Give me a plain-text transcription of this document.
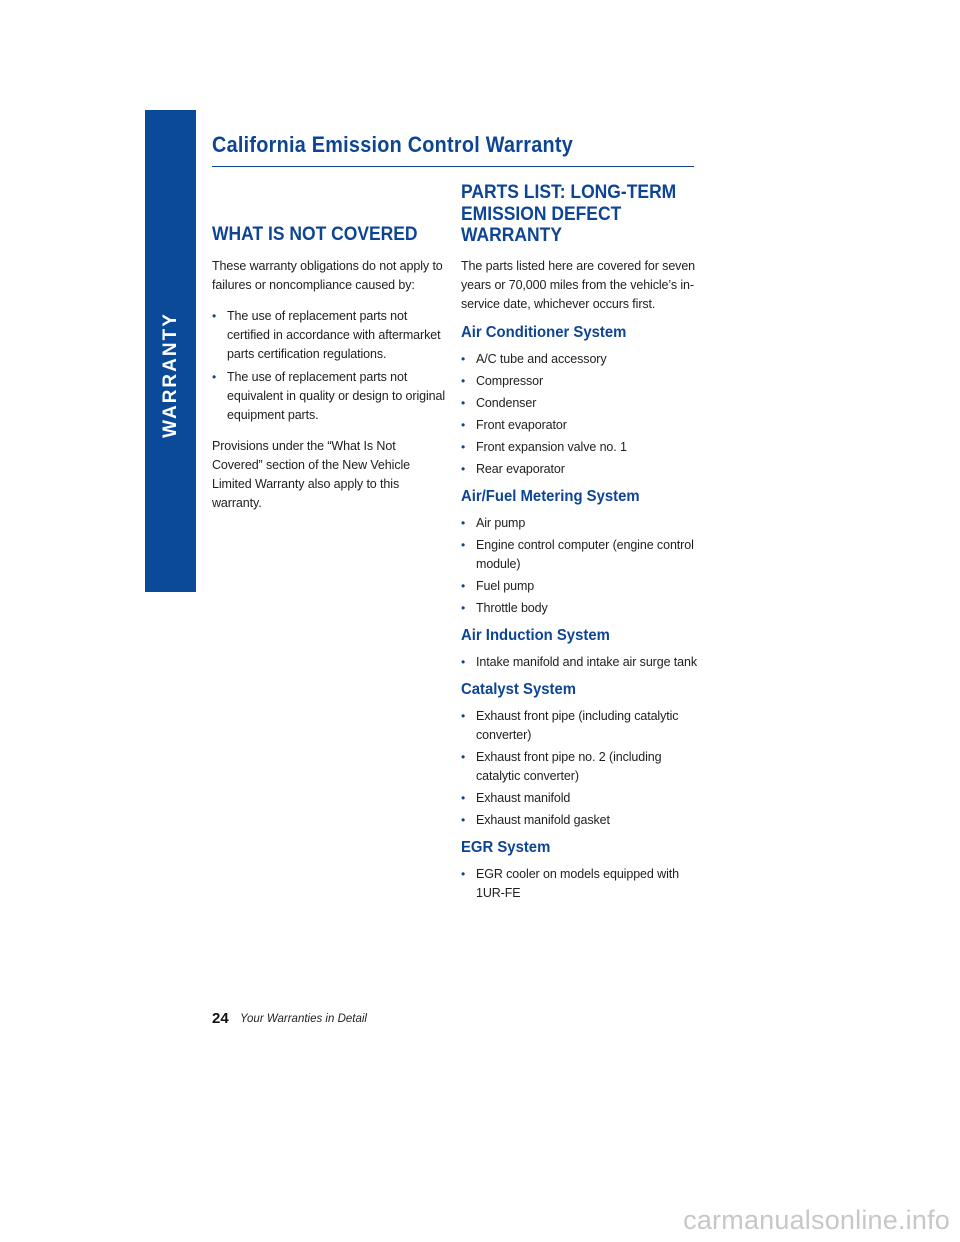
WARRANTY
California Emission Control Warranty
WHAT IS NOT COVERED
These warranty obligations do not apply to failures or noncompliance caused by:
• The use of replacement parts not certified in accordance with aftermarket parts certification regulations.
• The use of replacement parts not equivalent in quality or design to original equipment parts.
Provisions under the “What Is Not Covered” section of the New Vehicle Limited Warranty also apply to this warranty.
PARTS LIST: LONG-TERM
EMISSION DEFECT
WARRANTY
The parts listed here are covered for seven years or 70,000 miles from the vehicle’s in-service date, whichever occurs first.
Air Conditioner System
• A/C tube and accessory
• Compressor
• Condenser
• Front evaporator
• Front expansion valve no. 1
• Rear evaporator
Air/Fuel Metering System
• Air pump
• Engine control computer (engine control module)
• Fuel pump
• Throttle body
Air Induction System
• Intake manifold and intake air surge tank
Catalyst System
• Exhaust front pipe (including catalytic converter)
• Exhaust front pipe no. 2 (including catalytic converter)
• Exhaust manifold
• Exhaust manifold gasket
EGR System
• EGR cooler on models equipped with 1UR-FE
24 Your Warranties in Detail
carmanualsonline.info
